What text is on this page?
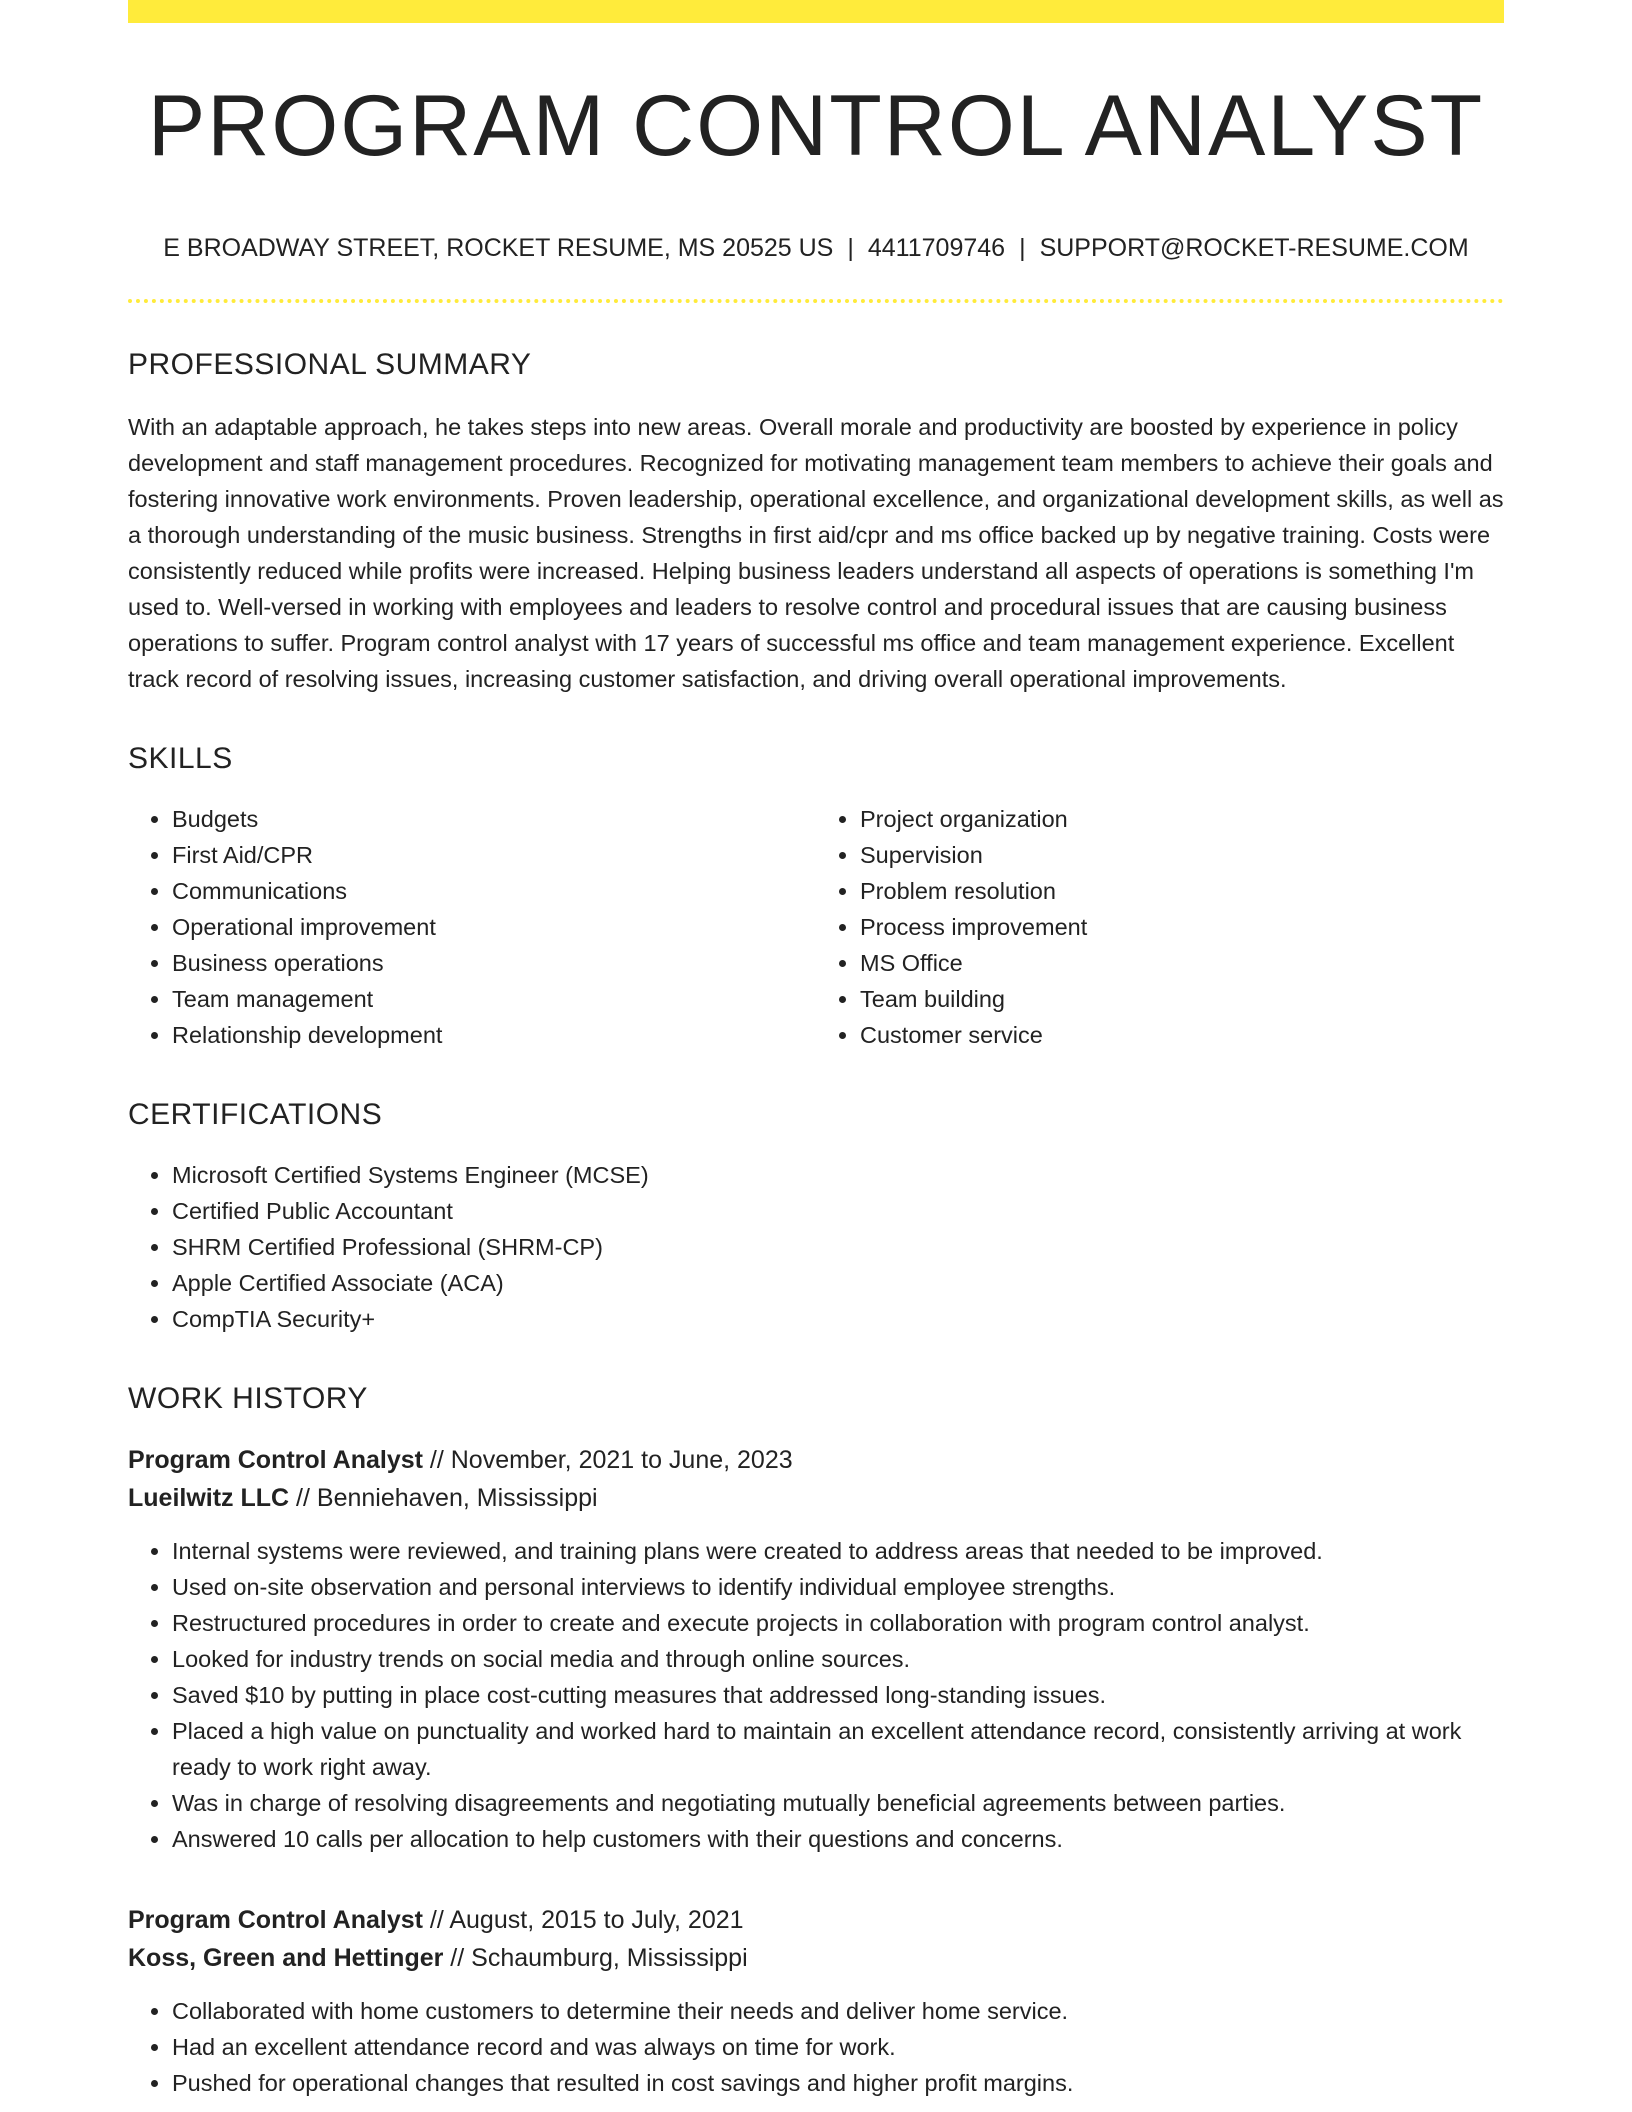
PROGRAM CONTROL ANALYST
E BROADWAY STREET, ROCKET RESUME, MS 20525 US | 4411709746 | SUPPORT@ROCKET-RESUME.COM
PROFESSIONAL SUMMARY

With an adaptable approach, he takes steps into new areas. Overall morale and productivity are boosted by experience in policy development and staff management procedures. Recognized for motivating management team members to achieve their goals and fostering innovative work environments. Proven leadership, operational excellence, and organizational development skills, as well as a thorough understanding of the music business. Strengths in first aid/cpr and ms office backed up by negative training. Costs were consistently reduced while profits were increased. Helping business leaders understand all aspects of operations is something I'm used to. Well-versed in working with employees and leaders to resolve control and procedural issues that are causing business operations to suffer. Program control analyst with 17 years of successful ms office and team management experience. Excellent track record of resolving issues, increasing customer satisfaction, and driving overall operational improvements.

SKILLS
• Budgets
• First Aid/CPR
• Communications
• Operational improvement
• Business operations
• Team management
• Relationship development
• Project organization
• Supervision
• Problem resolution
• Process improvement
• MS Office
• Team building
• Customer service
CERTIFICATIONS
• Microsoft Certified Systems Engineer (MCSE)
• Certified Public Accountant
• SHRM Certified Professional (SHRM-CP)
• Apple Certified Associate (ACA)
• CompTIA Security+
WORK HISTORY
Program Control Analyst // November, 2021 to June, 2023
Lueilwitz LLC // Benniehaven, Mississippi
• Internal systems were reviewed, and training plans were created to address areas that needed to be improved.
• Used on-site observation and personal interviews to identify individual employee strengths.
• Restructured procedures in order to create and execute projects in collaboration with program control analyst.
• Looked for industry trends on social media and through online sources.
• Saved $10 by putting in place cost-cutting measures that addressed long-standing issues.
• Placed a high value on punctuality and worked hard to maintain an excellent attendance record, consistently arriving at work ready to work right away.
• Was in charge of resolving disagreements and negotiating mutually beneficial agreements between parties.
• Answered 10 calls per allocation to help customers with their questions and concerns.
Program Control Analyst // August, 2015 to July, 2021
Koss, Green and Hettinger // Schaumburg, Mississippi
• Collaborated with home customers to determine their needs and deliver home service.
• Had an excellent attendance record and was always on time for work.
• Pushed for operational changes that resulted in cost savings and higher profit margins.
